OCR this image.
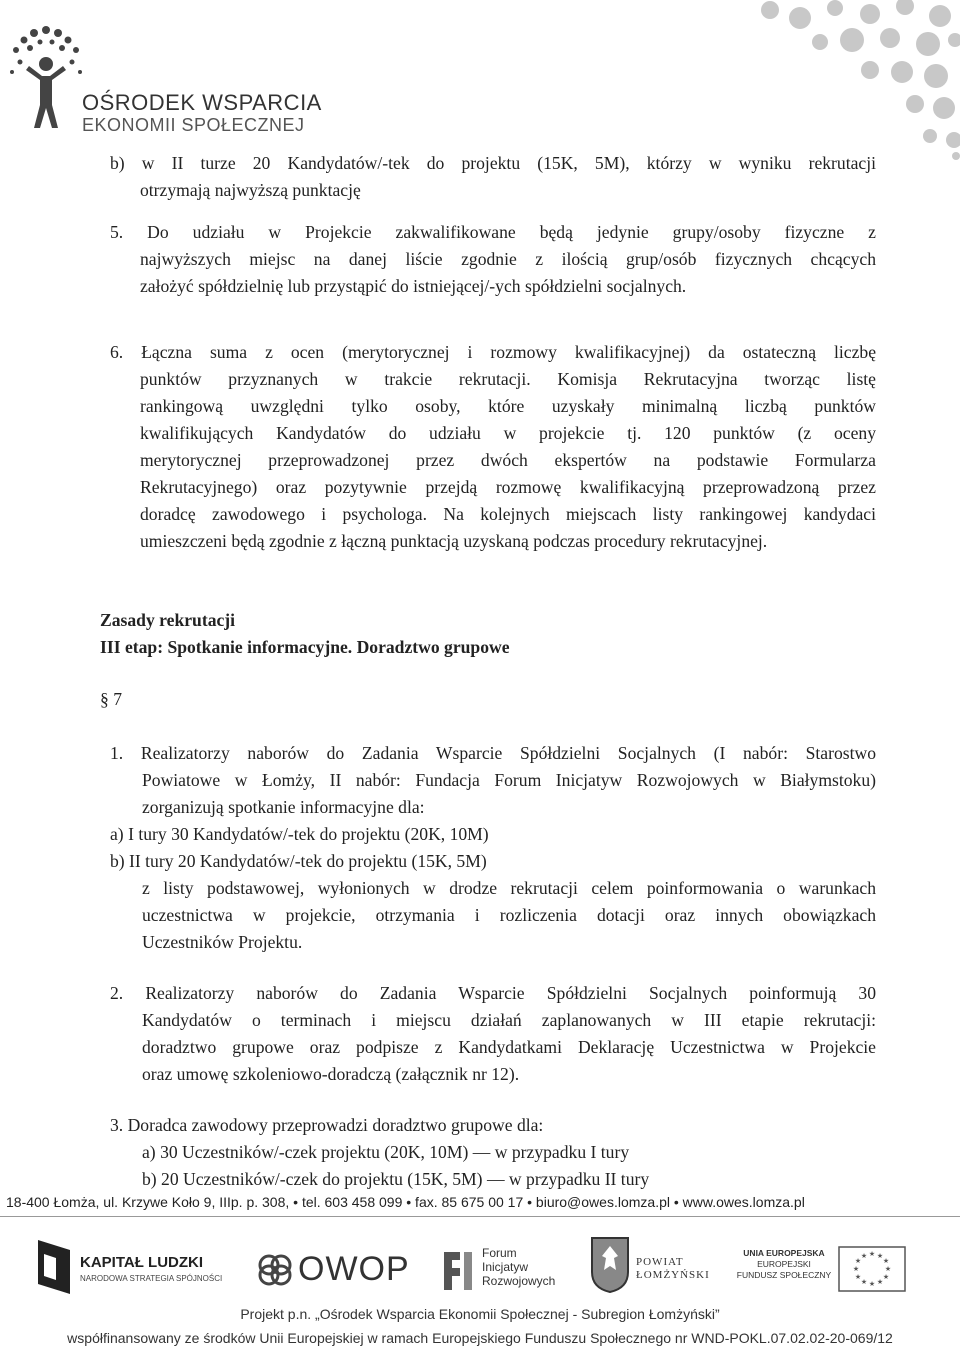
OŚRODEK WSPARCIA
EKONOMII SPOŁECZNEJ
b) w II turze 20 Kandydatów/-tek do projektu (15K, 5M), którzy w wyniku rekrutacji
otrzymają najwyższą punktację
5. Do udziału w Projekcie zakwalifikowane będą jedynie grupy/osoby fizyczne z
najwyższych miejsc na danej liście zgodnie z ilością grup/osób fizycznych chcących
założyć spółdzielnię lub przystąpić do istniejącej/-ych spółdzielni socjalnych.
6. Łączna suma z ocen (merytorycznej i rozmowy kwalifikacyjnej) da ostateczną liczbę
punktów przyznanych w trakcie rekrutacji. Komisja Rekrutacyjna tworząc listę
rankingową uwzględni tylko osoby, które uzyskały minimalną liczbą punktów
kwalifikujących Kandydatów do udziału w projekcie tj. 120 punktów (z oceny
merytorycznej przeprowadzonej przez dwóch ekspertów na podstawie Formularza
Rekrutacyjnego) oraz pozytywnie przejdą rozmowę kwalifikacyjną przeprowadzoną przez
doradcę zawodowego i psychologa. Na kolejnych miejscach listy rankingowej kandydaci
umieszczeni będą zgodnie z łączną punktacją uzyskaną podczas procedury rekrutacyjnej.
Zasady rekrutacji
III etap: Spotkanie informacyjne. Doradztwo grupowe
§ 7
1. Realizatorzy naborów do Zadania Wsparcie Spółdzielni Socjalnych (I nabór: Starostwo
Powiatowe w Łomży, II nabór: Fundacja Forum Inicjatyw Rozwojowych w Białymstoku)
zorganizują spotkanie informacyjne dla:
a) I tury 30 Kandydatów/-tek do projektu (20K, 10M)
b) II tury 20 Kandydatów/-tek do projektu (15K, 5M)
z listy podstawowej, wyłonionych w drodze rekrutacji celem poinformowania o warunkach
uczestnictwa w projekcie, otrzymania i rozliczenia dotacji oraz innych obowiązkach
Uczestników Projektu.
2. Realizatorzy naborów do Zadania Wsparcie Spółdzielni Socjalnych poinformują 30
Kandydatów o terminach i miejscu działań zaplanowanych w III etapie rekrutacji:
doradztwo grupowe oraz podpisze z Kandydatkami Deklarację Uczestnictwa w Projekcie
oraz umowę szkoleniowo-doradczą (załącznik nr 12).
3. Doradca zawodowy przeprowadzi doradztwo grupowe dla:
a) 30 Uczestników/-czek projektu (20K, 10M) — w przypadku I tury
b) 20 Uczestników/-czek do projektu (15K, 5M) — w przypadku II tury
18-400 Łomża, ul. Krzywe Koło 9, IIIp. p. 308, • tel. 603 458 099 • fax. 85 675 00 17 • biuro@owes.lomza.pl • www.owes.lomza.pl
KAPITAŁ LUDZKI
NARODOWA STRATEGIA SPÓJNOŚCI OWOP	Forum
Inicjatyw
Rozwojowych
POWIAT
ŁOMŻYŃSKI
UNIA EUROPEJSKA
EUROPEJSKI
FUNDUSZ SPOŁECZNY
★ ★
★
★
★
★
★
★
★
★
★
★
Projekt p.n. „Ośrodek Wsparcia Ekonomii Społecznej - Subregion Łomżyński”
współfinansowany ze środków Unii Europejskiej w ramach Europejskiego Funduszu Społecznego nr WND-POKL.07.02.02-20-069/12
